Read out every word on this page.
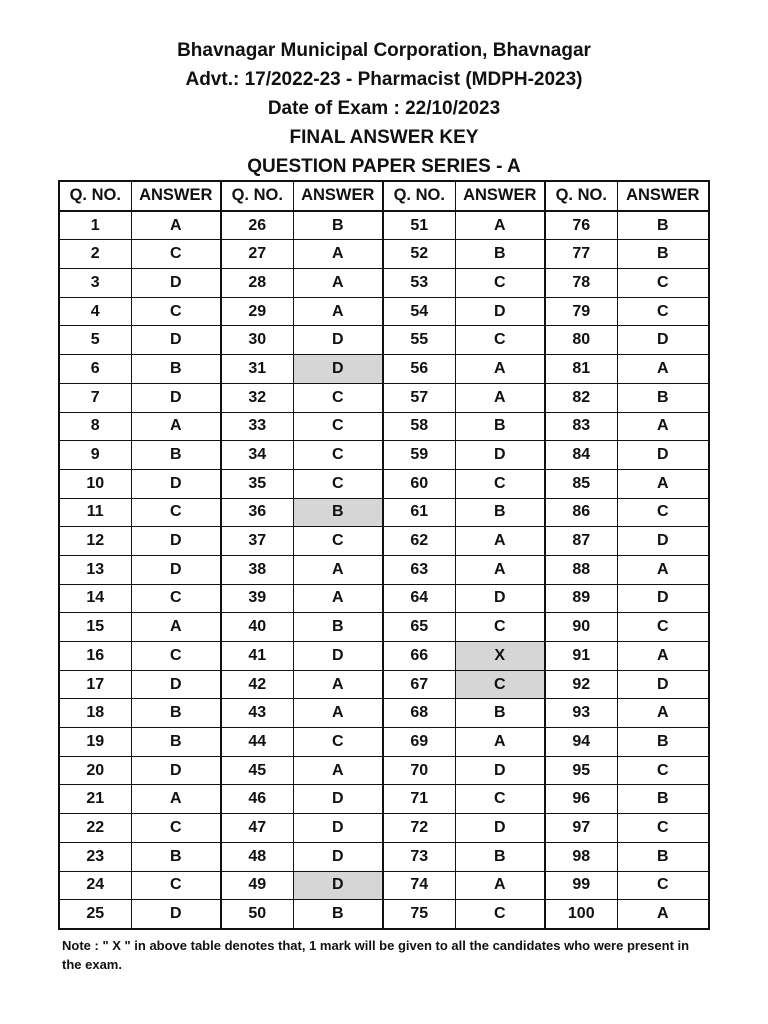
Bhavnagar Municipal Corporation, Bhavnagar
Advt.: 17/2022-23 - Pharmacist (MDPH-2023)
Date of Exam : 22/10/2023
FINAL ANSWER KEY
QUESTION PAPER SERIES - A
Q. NO.	ANSWER	Q. NO.	ANSWER	Q. NO.	ANSWER	Q. NO.	ANSWER
1	A	26	B	51	A	76	B
2	C	27	A	52	B	77	B
3	D	28	A	53	C	78	C
4	C	29	A	54	D	79	C
5	D	30	D	55	C	80	D
6	B	31	D	56	A	81	A
7	D	32	C	57	A	82	B
8	A	33	C	58	B	83	A
9	B	34	C	59	D	84	D
10	D	35	C	60	C	85	A
11	C	36	B	61	B	86	C
12	D	37	C	62	A	87	D
13	D	38	A	63	A	88	A
14	C	39	A	64	D	89	D
15	A	40	B	65	C	90	C
16	C	41	D	66	X	91	A
17	D	42	A	67	C	92	D
18	B	43	A	68	B	93	A
19	B	44	C	69	A	94	B
20	D	45	A	70	D	95	C
21	A	46	D	71	C	96	B
22	C	47	D	72	D	97	C
23	B	48	D	73	B	98	B
24	C	49	D	74	A	99	C
25	D	50	B	75	C	100	A
Note : " X " in above table denotes that, 1 mark will be given to all the candidates who were present in the exam.
